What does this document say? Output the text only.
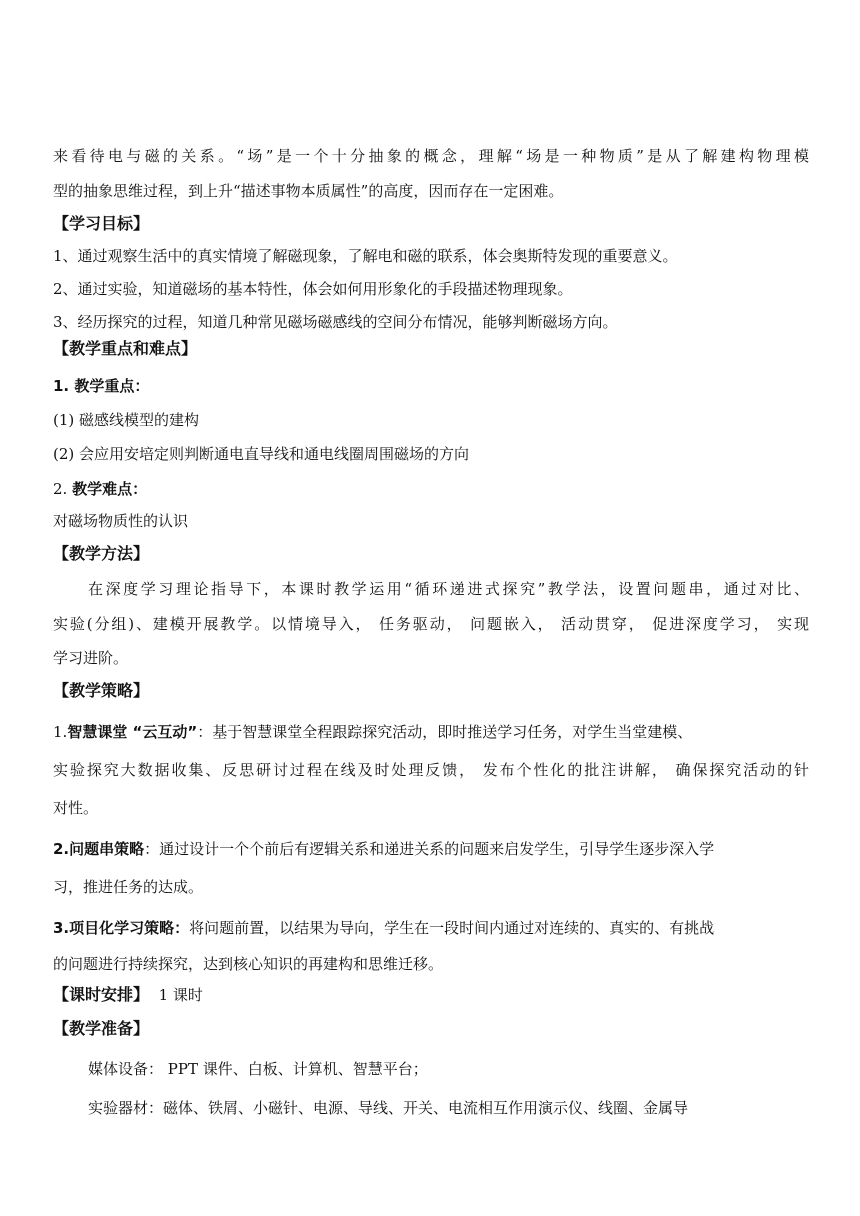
来看待电与磁的关系。“场”是一个十分抽象的概念，理解“场是一种物质”是从了解建构物理模
型的抽象思维过程，到上升“描述事物本质属性”的高度，因而存在一定困难。
【学习目标】
1、通过观察生活中的真实情境了解磁现象，了解电和磁的联系，体会奥斯特发现的重要意义。
2、通过实验，知道磁场的基本特性，体会如何用形象化的手段描述物理现象。
3、经历探究的过程，知道几种常见磁场磁感线的空间分布情况，能够判断磁场方向。
【教学重点和难点】
1. 教学重点：
(1) 磁感线模型的建构
(2) 会应用安培定则判断通电直导线和通电线圈周围磁场的方向
2. 教学难点：
对磁场物质性的认识
【教学方法】
在深度学习理论指导下，本课时教学运用“循环递进式探究”教学法，设置问题串，通过对比、
实验(分组)、建模开展教学。以情境导入， 任务驱动， 问题嵌入， 活动贯穿， 促进深度学习， 实现
学习进阶。
【教学策略】
1.智慧课堂 “云互动”：基于智慧课堂全程跟踪探究活动，即时推送学习任务，对学生当堂建模、
实验探究大数据收集、反思研讨过程在线及时处理反馈， 发布个性化的批注讲解， 确保探究活动的针
对性。
2.问题串策略：通过设计一个个前后有逻辑关系和递进关系的问题来启发学生，引导学生逐步深入学
习，推进任务的达成。
3.项目化学习策略：将问题前置，以结果为导向，学生在一段时间内通过对连续的、真实的、有挑战
的问题进行持续探究，达到核心知识的再建构和思维迁移。
【课时安排】 1 课时
【教学准备】
媒体设备： PPT 课件、白板、计算机、智慧平台；
实验器材：磁体、铁屑、小磁针、电源、导线、开关、电流相互作用演示仪、线圈、金属导
